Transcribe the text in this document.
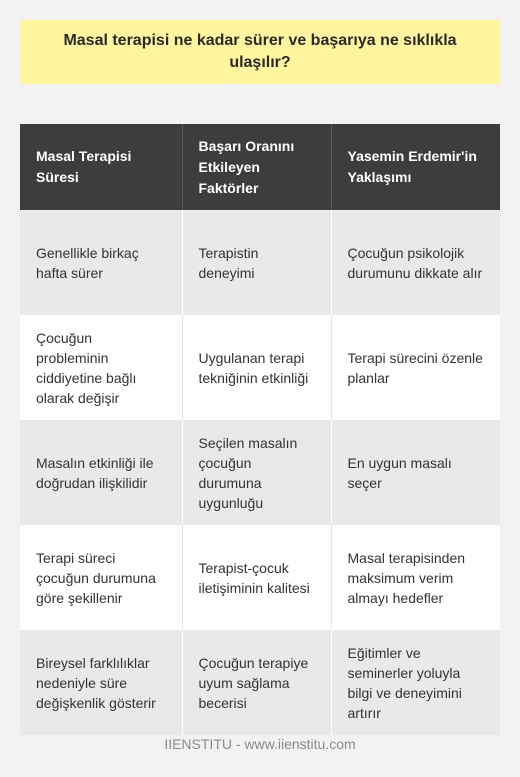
Masal terapisi ne kadar sürer ve başarıya ne sıklıkla ulaşılır?
Masal Terapisi Süresi	Başarı Oranını Etkileyen Faktörler	Yasemin Erdemir'in Yaklaşımı
Genellikle birkaç hafta sürer	Terapistin deneyimi	Çocuğun psikolojik durumunu dikkate alır
Çocuğun probleminin ciddiyetine bağlı olarak değişir	Uygulanan terapi tekniğinin etkinliği	Terapi sürecini özenle planlar
Masalın etkinliği ile doğrudan ilişkilidir	Seçilen masalın çocuğun durumuna uygunluğu	En uygun masalı seçer
Terapi süreci çocuğun durumuna göre şekillenir	Terapist-çocuk iletişiminin kalitesi	Masal terapisinden maksimum verim almayı hedefler
Bireysel farklılıklar nedeniyle süre değişkenlik gösterir	Çocuğun terapiye uyum sağlama becerisi	Eğitimler ve seminerler yoluyla bilgi ve deneyimini artırır
IIENSTITU - www.iienstitu.com
